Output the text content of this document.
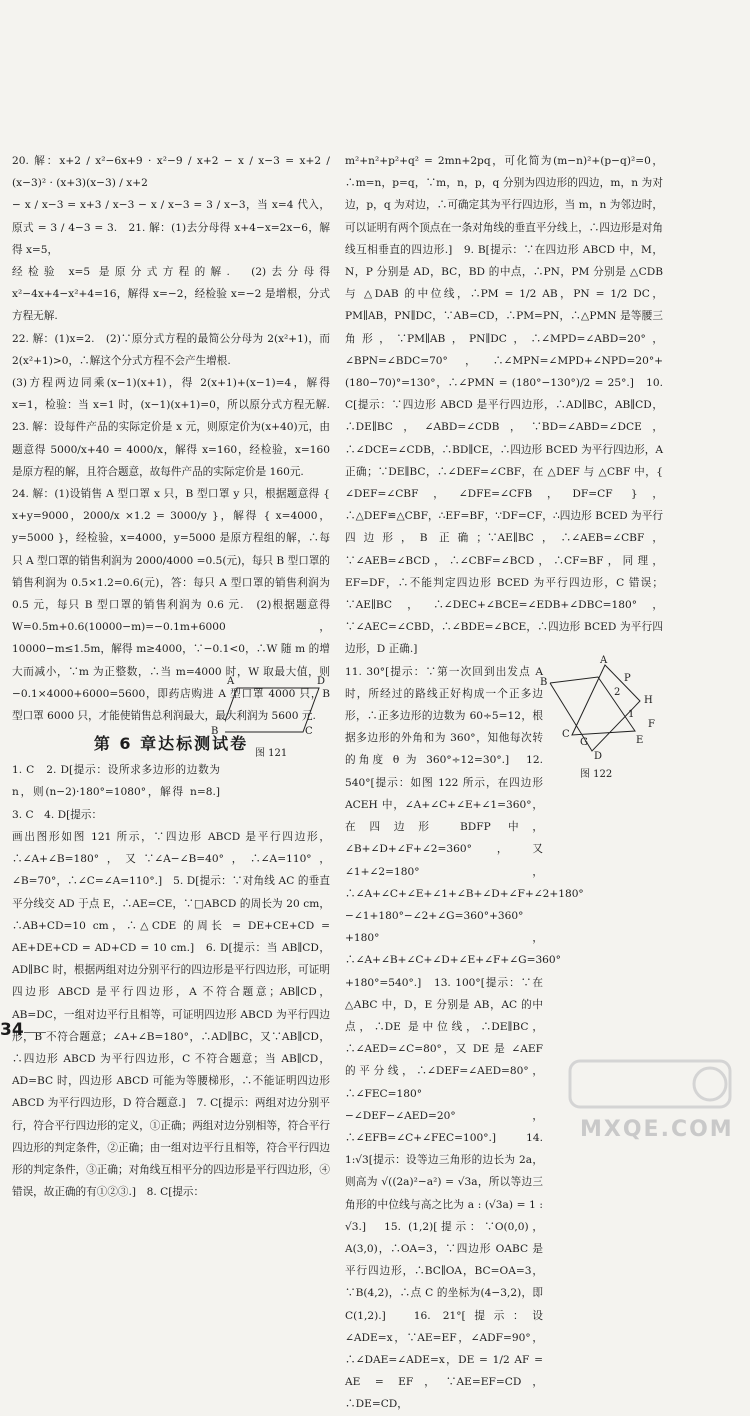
20. 解：x+2 / x²−6x+9 · x²−9 / x+2 − x / x−3 = x+2 / (x−3)² · (x+3)(x−3) / x+2

− x / x−3 = x+3 / x−3 − x / x−3 = 3 / x−3，当 x=4 代入，原式 = 3 / 4−3 = 3.　21. 解：(1)去分母得 x+4−x=2x−6，解得 x=5，

经检验 x=5 是原分式方程的解.　(2)去分母得 x²−4x+4−x²+4=16，解得 x=−2，经检验 x=−2 是增根，分式方程无解.

22. 解：(1)x=2.　(2)∵原分式方程的最简公分母为 2(x²+1)，而 2(x²+1)>0，∴解这个分式方程不会产生增根.

(3)方程两边同乘(x−1)(x+1)，得 2(x+1)+(x−1)=4，解得 x=1，检验：当 x=1 时，(x−1)(x+1)=0，所以原分式方程无解.　23. 解：设每件产品的实际定价是 x 元，则原定价为(x+40)元，由题意得 5000/x+40 = 4000/x，解得 x=160，经检验，x=160 是原方程的解，且符合题意，故每件产品的实际定价是 160元.

24. 解：(1)设销售 A 型口罩 x 只，B 型口罩 y 只，根据题意得 { x+y=9000，2000/x ×1.2 = 3000/y }，解得 { x=4000，y=5000 }，经检验，x=4000，y=5000 是原方程组的解，∴每只 A 型口罩的销售利润为 2000/4000 =0.5(元)，每只 B 型口罩的销售利润为 0.5×1.2=0.6(元)，答：每只 A 型口罩的销售利润为 0.5 元，每只 B 型口罩的销售利润为 0.6 元.　(2)根据题意得 W=0.5m+0.6(10000−m)=−0.1m+6000，10000−m≤1.5m，解得 m≥4000，∵−0.1<0，∴W 随 m 的增大而减小，∵m 为正整数，∴当 m=4000 时，W 取最大值，则−0.1×4000+6000=5600，即药店购进 A 型口罩 4000 只，B 型口罩 6000 只，才能使销售总利润最大，最大利润为 5600 元.

第 6 章达标测试卷

1. C　2. D[提示：设所求多边形的边数为 n，则(n−2)·180°=1080°，解得 n=8.]　3. C　4. D[提示：

画出图形如图 121 所示，∵四边形 ABCD 是平行四边形，∴∠A+∠B=180°，又∵∠A−∠B=40°，∴∠A=110°，∠B=70°，∴∠C=∠A=110°.]　5. D[提示：∵对角线 AC 的垂直平分线交 AD 于点 E，∴AE=CE，∵□ABCD 的周长为 20 cm，∴AB+CD=10 cm，∴△CDE 的周长 = DE+CE+CD = AE+DE+CD = AD+CD = 10 cm.]　6. D[提示：当 AB∥CD，AD∥BC 时，根据两组对边分别平行的四边形是平行四边形，可证明四边形 ABCD 是平行四边形，A 不符合题意；AB∥CD，AB=DC，一组对边平行且相等，可证明四边形 ABCD 为平行四边形，B 不符合题意；∠A+∠B=180°，∴AD∥BC，又∵AB∥CD，∴四边形 ABCD 为平行四边形，C 不符合题意；当 AB∥CD，AD=BC 时，四边形 ABCD 可能为等腰梯形，∴不能证明四边形 ABCD 为平行四边形，D 符合题意.]　7. C[提示：两组对边分别平行，符合平行四边形的定义，①正确；两组对边分别相等，符合平行四边形的判定条件，②正确；由一组对边平行且相等，符合平行四边形的判定条件，③正确；对角线互相平分的四边形是平行四边形，④错误，故正确的有①②③.]　8. C[提示：

A	D
B	C
图 121

m²+n²+p²+q² = 2mn+2pq，可化简为(m−n)²+(p−q)²=0，∴m=n，p=q，∵m，n，p，q 分别为四边形的四边，m，n 为对边，p，q 为对边，∴可确定其为平行四边形，当 m，n 为邻边时，可以证明有两个顶点在一条对角线的垂直平分线上，∴四边形是对角线互相垂直的四边形.]　9. B[提示：∵在四边形 ABCD 中，M，N，P 分别是 AD，BC，BD 的中点，∴PN，PM 分别是 △CDB 与 △DAB 的中位线，∴PM = 1/2 AB，PN = 1/2 DC，PM∥AB，PN∥DC，∵AB=CD，∴PM=PN，∴△PMN 是等腰三角形，∵PM∥AB，PN∥DC，∴∠MPD=∠ABD=20°，∠BPN=∠BDC=70°，∴∠MPN=∠MPD+∠NPD=20°+(180−70)°=130°，∴∠PMN = (180°−130°)/2 = 25°.]　10. C[提示：∵四边形 ABCD 是平行四边形，∴AD∥BC，AB∥CD，∴DE∥BC，∠ABD=∠CDB，∵BD=∠ABD=∠DCE，∴∠DCE=∠CDB，∴BD∥CE，∴四边形 BCED 为平行四边形，A 正确；∵DE∥BC，∴∠DEF=∠CBF，在 △DEF 与 △CBF 中，{ ∠DEF=∠CBF，∠DFE=∠CFB，DF=CF }，∴△DEF≌△CBF，∴EF=BF，∵DF=CF，∴四边形 BCED 为平行四边形，B 正确；∵AE∥BC，∴∠AEB=∠CBF，∵∠AEB=∠BCD，∴∠CBF=∠BCD，∴CF=BF，同理，EF=DF，∴不能判定四边形 BCED 为平行四边形，C 错误；∵AE∥BC，∴∠DEC+∠BCE=∠EDB+∠DBC=180°，∵∠AEC=∠CBD，∴∠BDE=∠BCE，∴四边形 BCED 为平行四边形，D 正确.]

11. 30°[提示：∵第一次回到出发点 A 时，所经过的路线正好构成一个正多边形，∴正多边形的边数为 60÷5=12，根据多边形的外角和为 360°，知他每次转的角度 θ 为 360°÷12=30°.]　12. 540°[提示：如图 122 所示，在四边形 ACEH 中，∠A+∠C+∠E+∠1=360°，在四边形 BDFP 中，∠B+∠D+∠F+∠2=360°，又∠1+∠2=180°，∴∠A+∠C+∠E+∠1+∠B+∠D+∠F+∠2+180°−∠1+180°−∠2+∠G=360°+360°+180°，∴∠A+∠B+∠C+∠D+∠E+∠F+∠G=360°+180°=540°.]　13. 100°[提示：∵在 △ABC 中，D，E 分别是 AB，AC 的中点，∴DE 是中位线，∴DE∥BC，∴∠AED=∠C=80°，又 DE 是 ∠AEF 的平分线，∴∠DEF=∠AED=80°，∴∠FEC=180°−∠DEF−∠AED=20°，∴∠EFB=∠C+∠FEC=100°.]　14. 1:√3[提示：设等边三角形的边长为 2a，则高为 √((2a)²−a²) = √3a，所以等边三角形的中位线与高之比为 a : (√3a) = 1 : √3.]　15. (1,2)[提示：∵O(0,0)，A(3,0)，∴OA=3，∵四边形 OABC 是平行四边形，∴BC∥OA，BC=OA=3，∵B(4,2)，∴点 C 的坐标为(4−3,2)，即 C(1,2).]　16. 21°[提示：设 ∠ADE=x，∵AE=EF，∠ADF=90°，∴∠DAE=∠ADE=x，DE = 1/2 AF = AE = EF，∵AE=EF=CD，∴DE=CD，

A
B	P
2
H
1
F
E
C
G
D
图 122
34
MXQE.COM
